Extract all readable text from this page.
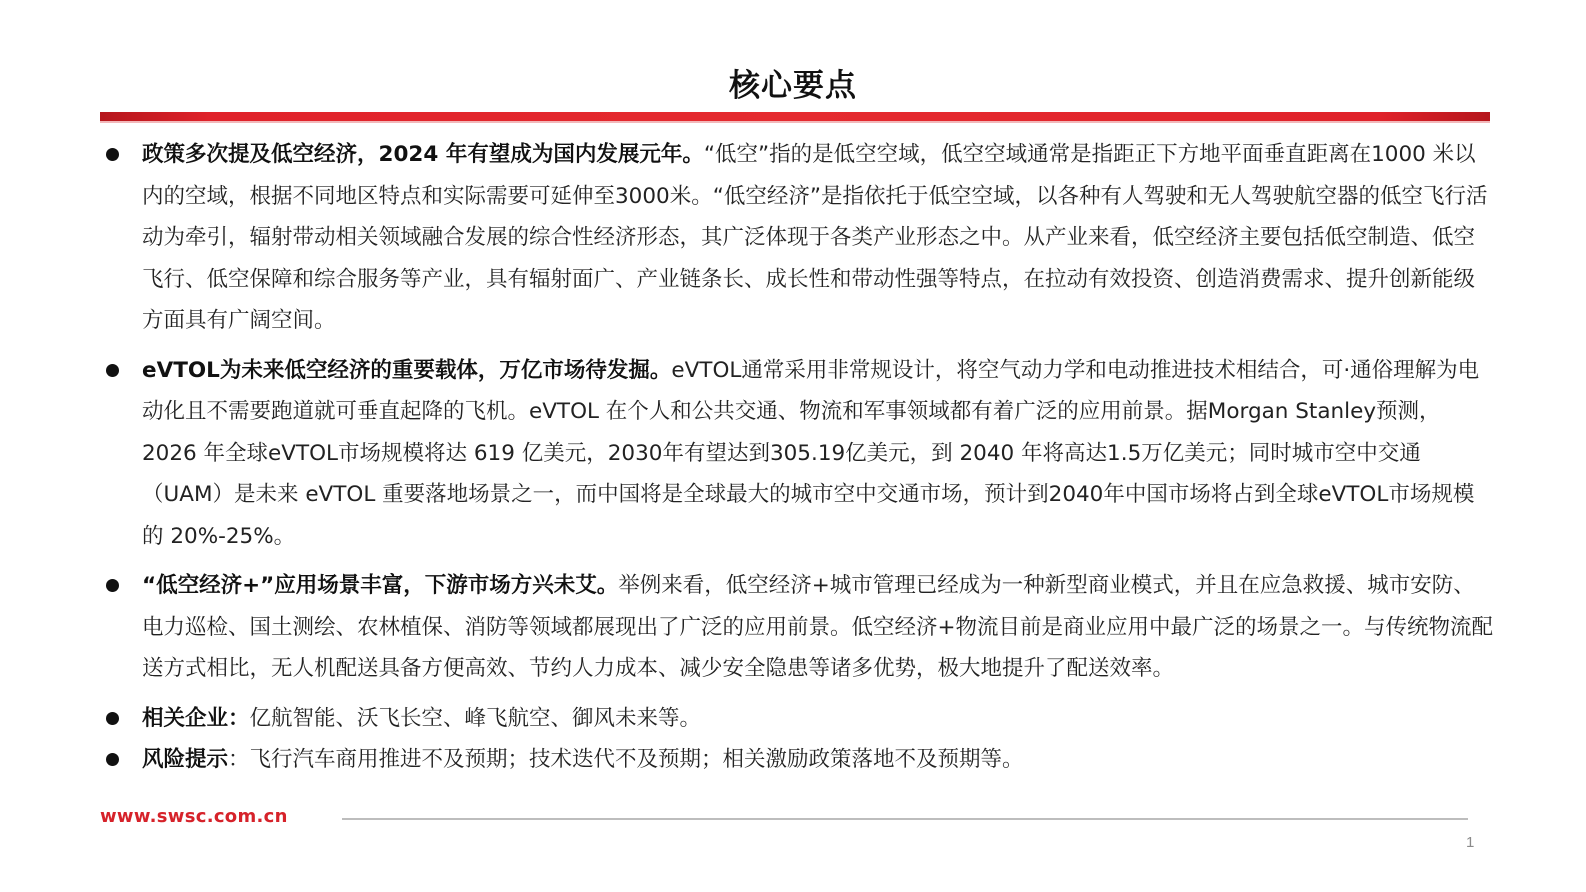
核心要点
政策多次提及低空经济，2024 年有望成为国内发展元年。“低空”指的是低空空域，低空空域通常是指距正下方地平面垂直距离在1000 米以内的空域，根据不同地区特点和实际需要可延伸至3000米。“低空经济”是指依托于低空空域，以各种有人驾驶和无人驾驶航空器的低空飞行活动为牵引，辐射带动相关领域融合发展的综合性经济形态，其广泛体现于各类产业形态之中。从产业来看，低空经济主要包括低空制造、低空飞行、低空保障和综合服务等产业，具有辐射面广、产业链条长、成长性和带动性强等特点，在拉动有效投资、创造消费需求、提升创新能级方面具有广阔空间。
eVTOL为未来低空经济的重要载体，万亿市场待发掘。eVTOL通常采用非常规设计，将空气动力学和电动推进技术相结合，可·通俗理解为电动化且不需要跑道就可垂直起降的飞机。eVTOL 在个人和公共交通、物流和军事领域都有着广泛的应用前景。据Morgan Stanley预测，2026 年全球eVTOL市场规模将达 619 亿美元，2030年有望达到305.19亿美元，到 2040 年将高达1.5万亿美元；同时城市空中交通（UAM）是未来 eVTOL 重要落地场景之一，而中国将是全球最大的城市空中交通市场，预计到2040年中国市场将占到全球eVTOL市场规模的 20%-25%。
“低空经济+”应用场景丰富，下游市场方兴未艾。举例来看，低空经济+城市管理已经成为一种新型商业模式，并且在应急救援、城市安防、电力巡检、国土测绘、农林植保、消防等领域都展现出了广泛的应用前景。低空经济+物流目前是商业应用中最广泛的场景之一。与传统物流配送方式相比，无人机配送具备方便高效、节约人力成本、减少安全隐患等诸多优势，极大地提升了配送效率。
相关企业：亿航智能、沃飞长空、峰飞航空、御风未来等。
风险提示：飞行汽车商用推进不及预期；技术迭代不及预期；相关激励政策落地不及预期等。
www.swsc.com.cn
1
